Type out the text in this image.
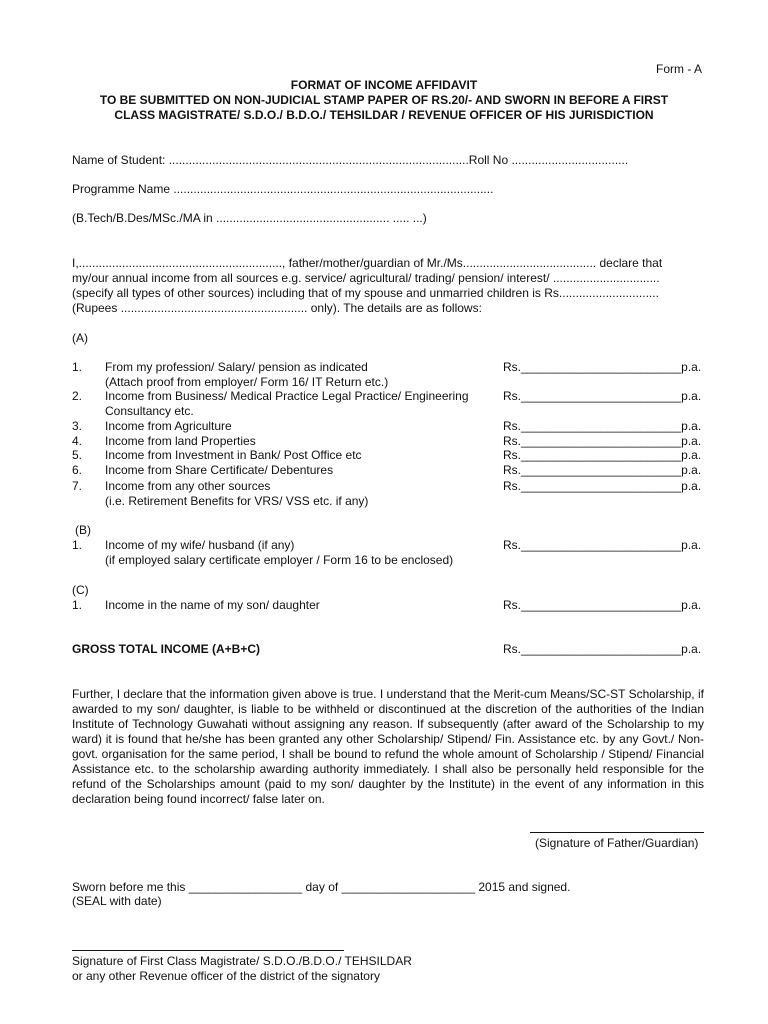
Form - A
FORMAT OF INCOME AFFIDAVIT
TO BE SUBMITTED ON NON-JUDICIAL STAMP PAPER OF RS.20/- AND SWORN IN BEFORE A FIRST
CLASS MAGISTRATE/ S.D.O./ B.D.O./ TEHSILDAR / REVENUE OFFICER OF HIS JURISDICTION
Name of Student: ..........................................................................................Roll No ...................................
Programme Name ................................................................................................
(B.Tech/B.Des/MSc./MA in .................................................... ..... ...)
I,............................................................., father/mother/guardian of Mr./Ms........................................ declare that
my/our annual income from all sources e.g. service/ agricultural/ trading/ pension/ interest/ ................................
(specify all types of other sources) including that of my spouse and unmarried children is Rs..............................
(Rupees ........................................................ only). The details are as follows:
(A)
1. From my profession/ Salary/ pension as indicated
(Attach proof from employer/ Form 16/ IT Return etc.)
Rs.________________________p.a.
2. Income from Business/ Medical Practice Legal Practice/ Engineering
Consultancy etc.
Rs.________________________p.a.
3. Income from Agriculture	Rs.________________________p.a.
4. Income from land Properties	Rs.________________________p.a.
5. Income from Investment in Bank/ Post Office etc	Rs.________________________p.a.
6. Income from Share Certificate/ Debentures	Rs.________________________p.a.
7. Income from any other sources
(i.e. Retirement Benefits for VRS/ VSS etc. if any)
Rs.________________________p.a.
(B)
1. Income of my wife/ husband (if any)
(if employed salary certificate employer / Form 16 to be enclosed)
Rs.________________________p.a.
(C)
1. Income in the name of my son/ daughter	Rs.________________________p.a.
GROSS TOTAL INCOME (A+B+C)	Rs.________________________p.a.
Further, I declare that the information given above is true. I understand that the Merit-cum Means/SC-ST Scholarship, if awarded to my son/ daughter, is liable to be withheld or discontinued at the discretion of the authorities of the Indian Institute of Technology Guwahati without assigning any reason. If subsequently (after award of the Scholarship to my ward) it is found that he/she has been granted any other Scholarship/ Stipend/ Fin. Assistance etc. by any Govt./ Non-govt. organisation for the same period, I shall be bound to refund the whole amount of Scholarship / Stipend/ Financial Assistance etc. to the scholarship awarding authority immediately. I shall also be personally held responsible for the refund of the Scholarships amount (paid to my son/ daughter by the Institute) in the event of any information in this declaration being found incorrect/ false later on.
(Signature of Father/Guardian)
Sworn before me this _________________ day of ____________________ 2015 and signed.
(SEAL with date)
Signature of First Class Magistrate/ S.D.O./B.D.O./ TEHSILDAR
or any other Revenue officer of the district of the signatory
